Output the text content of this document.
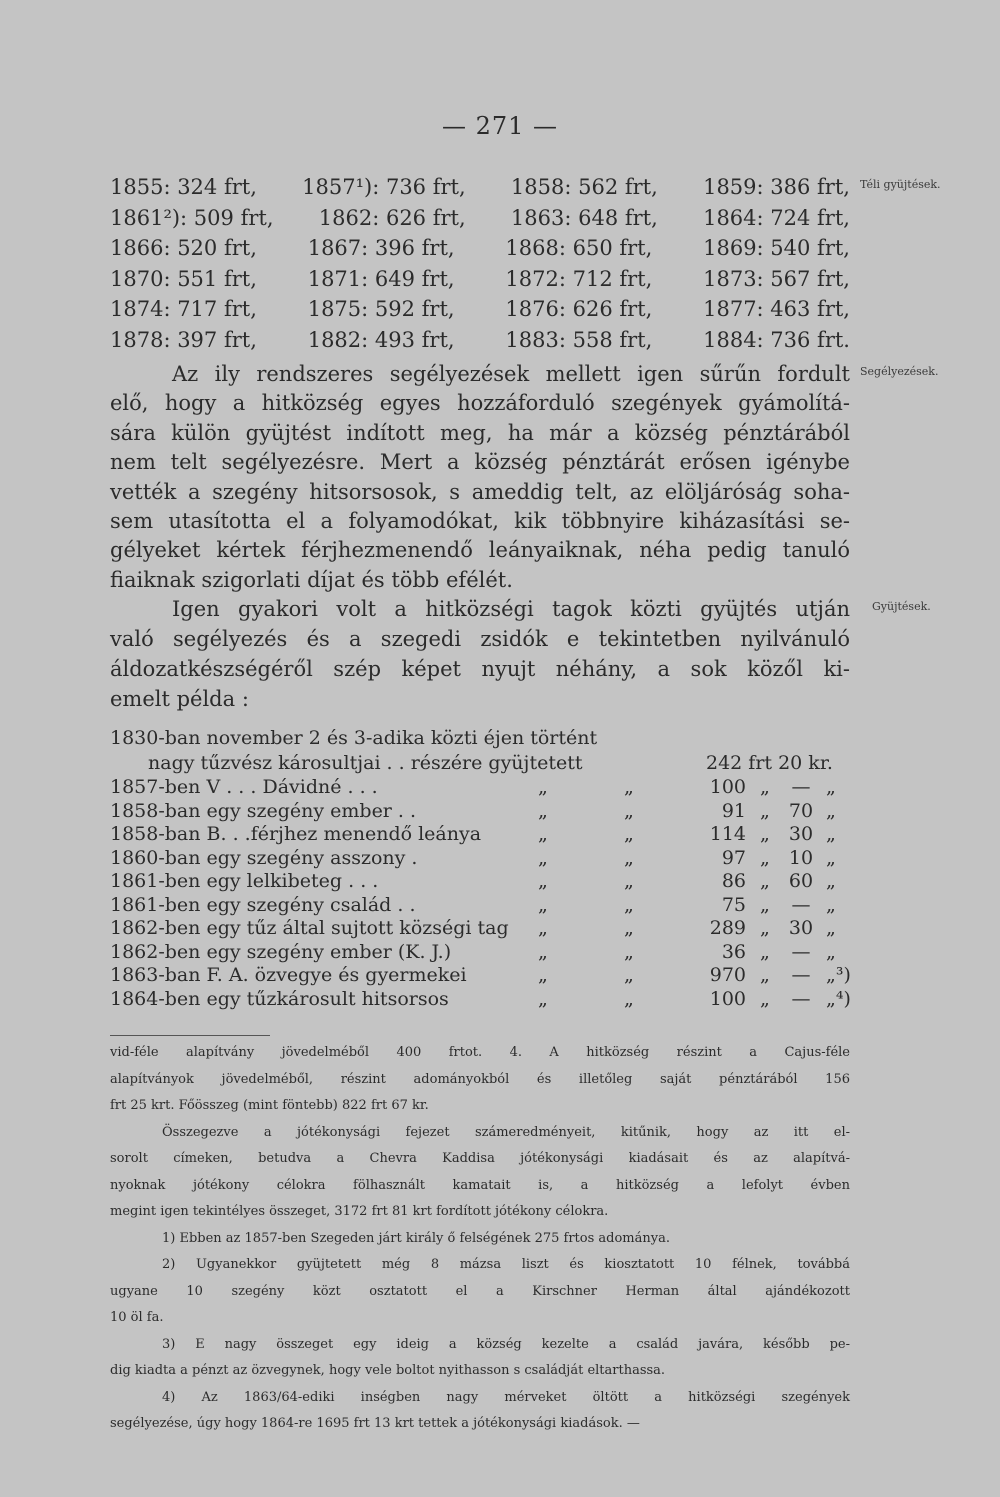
— 271 —
1855: 324 frt, 1857¹): 736 frt, 1858: 562 frt, 1859: 386 frt,
1861²): 509 frt, 1862: 626 frt, 1863: 648 frt, 1864: 724 frt,
1866: 520 frt, 1867: 396 frt, 1868: 650 frt, 1869: 540 frt,
1870: 551 frt, 1871: 649 frt, 1872: 712 frt, 1873: 567 frt,
1874: 717 frt, 1875: 592 frt, 1876: 626 frt, 1877: 463 frt,
1878: 397 frt, 1882: 493 frt, 1883: 558 frt, 1884: 736 frt.
Téli gyüjtések.
Segélyezések.
Gyüjtések.
Az ily rendszeres segélyezések mellett igen sűrűn fordult
elő, hogy a hitközség egyes hozzáforduló szegények gyámolítá-
sára külön gyüjtést indított meg, ha már a község pénztárából
nem telt segélyezésre. Mert a község pénztárát erősen igénybe
vették a szegény hitsorsosok, s ameddig telt, az elöljáróság soha-
sem utasította el a folyamodókat, kik többnyire kiházasítási se-
gélyeket kértek férjhezmenendő leányaiknak, néha pedig tanuló
fiaiknak szigorlati díjat és több efélét.
Igen gyakori volt a hitközségi tagok közti gyüjtés utján
való segélyezés és a szegedi zsidók e tekintetben nyilvánuló
áldozatkészségéről szép képet nyujt néhány, a sok közől ki-
emelt példa :
1830-ban november 2 és 3-adika közti éjen történt
nagy tűzvész károsultjai . . részére gyüjtetett	242 frt 20 kr.
1857-ben V . . . Dávidné . . .	„	„	100 „	— „
1858-ban egy szegény ember . .	„	„	91 „ 70 „
1858-ban B. . .férjhez menendő leánya	„	„	114 „ 30 „
1860-ban egy szegény asszony .	„	„	97 „ 10 „
1861-ben egy lelkibeteg . . .	„	„	86 „ 60 „
1861-ben egy szegény család . .	„	„	75 „	— „
1862-ben egy tűz által sujtott községi tag „	„	289 „ 30 „
1862-ben egy szegény ember (K. J.)	„	„	36 „	— „
1863-ban F. A. özvegye és gyermekei	„	„	970 „	— „³)
1864-ben egy tűzkárosult hitsorsos	„	„	100 „	— „⁴)
vid-féle alapítvány jövedelméből 400 frtot. 4. A hitközség részint a Cajus-féle
alapítványok jövedelméből, részint adományokból és illetőleg saját pénztárából 156
frt 25 krt. Főösszeg (mint föntebb) 822 frt 67 kr.
Összegezve a jótékonysági fejezet számeredményeit, kitűnik, hogy az itt el-
sorolt címeken, betudva a Chevra Kaddisa jótékonysági kiadásait és az alapítvá-
nyoknak jótékony célokra fölhasznált kamatait is, a hitközség a lefolyt évben
megint igen tekintélyes összeget, 3172 frt 81 krt fordított jótékony célokra.
1) Ebben az 1857-ben Szegeden járt király ő felségének 275 frtos adománya.
2) Ugyanekkor gyüjtetett még 8 mázsa liszt és kiosztatott 10 félnek, továbbá
ugyane 10 szegény közt osztatott el a Kirschner Herman által ajándékozott
10 öl fa.
3) E nagy összeget egy ideig a község kezelte a család javára, később pe-
dig kiadta a pénzt az özvegynek, hogy vele boltot nyithasson s családját eltarthassa.
4) Az 1863/64-ediki inségben nagy mérveket öltött a hitközségi szegények
segélyezése, úgy hogy 1864-re 1695 frt 13 krt tettek a jótékonysági kiadások. —
